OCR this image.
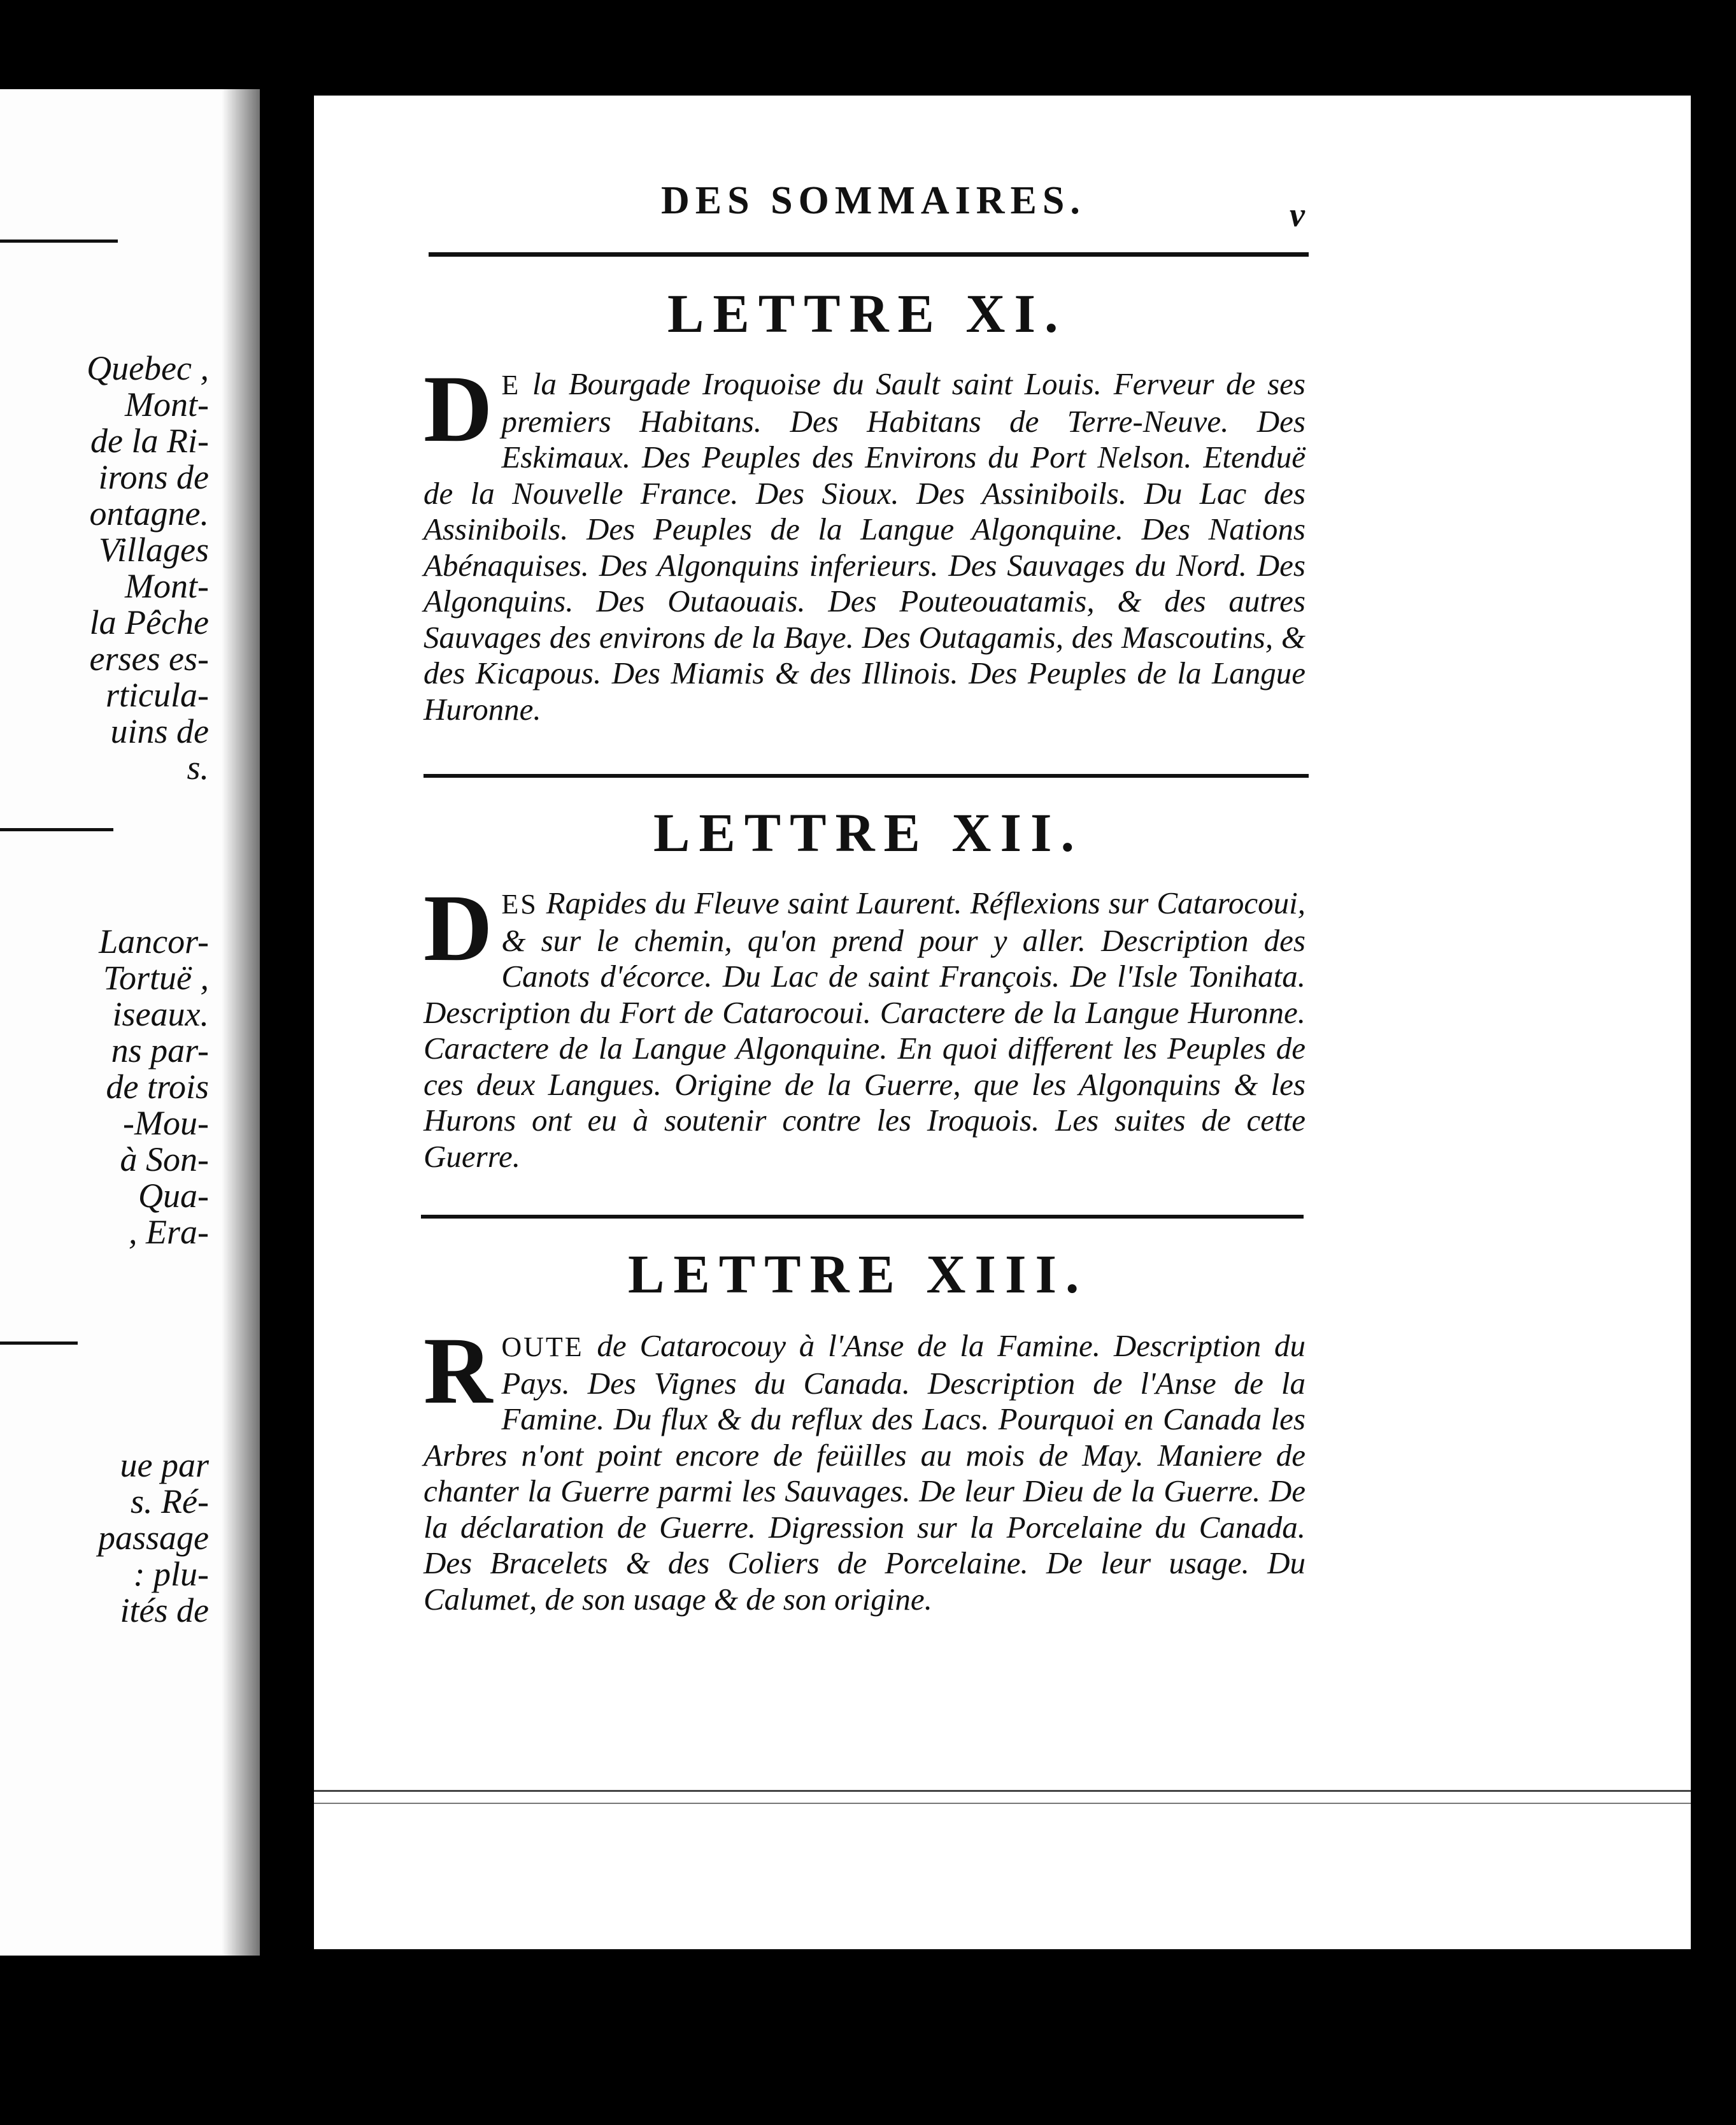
Quebec ,
Mont-
de la Ri-
irons de
ontagne.
Villages
Mont-
la Pêche
erses es-
rticula-
uins de
s.
Lancor-
Tortuë ,
iseaux.
ns par-
de trois
-Mou-
à Son-
Qua-
, Era-
ue par
s. Ré-
passage
: plu-
ités de
DES SOMMAIRES.	v
LETTRE XI.
D E la Bourgade Iroquoise du Sault saint Louis. Ferveur de ses premiers Habitans. Des Habitans de Terre-Neuve. Des Eskimaux. Des Peuples des Environs du Port Nelson. Etenduë de la Nouvelle France. Des Sioux. Des Assiniboils. Du Lac des Assiniboils. Des Peuples de la Langue Algonquine. Des Nations Abénaquises. Des Algonquins inferieurs. Des Sauvages du Nord. Des Algonquins. Des Outaouais. Des Pouteouatamis, & des autres Sauvages des environs de la Baye. Des Outagamis, des Mascoutins, & des Kicapous. Des Miamis & des Illinois. Des Peuples de la Langue Huronne.
LETTRE XII.
DES Rapides du Fleuve saint Laurent. Réflexions sur Catarocoui, & sur le chemin, qu'on prend pour y aller. Description des Canots d'écorce. Du Lac de saint François. De l'Isle Tonihata. Description du Fort de Catarocoui. Caractere de la Langue Huronne. Caractere de la Langue Algonquine. En quoi different les Peuples de ces deux Langues. Origine de la Guerre, que les Algonquins & les Hurons ont eu à soutenir contre les Iroquois. Les suites de cette Guerre.
LETTRE XIII.
ROUTE de Catarocouy à l'Anse de la Famine. Description du Pays. Des Vignes du Canada. Description de l'Anse de la Famine. Du flux & du reflux des Lacs. Pourquoi en Canada les Arbres n'ont point encore de feüilles au mois de May. Maniere de chanter la Guerre parmi les Sauvages. De leur Dieu de la Guerre. De la déclaration de Guerre. Digression sur la Porcelaine du Canada. Des Bracelets & des Coliers de Porcelaine. De leur usage. Du Calumet, de son usage & de son origine.
